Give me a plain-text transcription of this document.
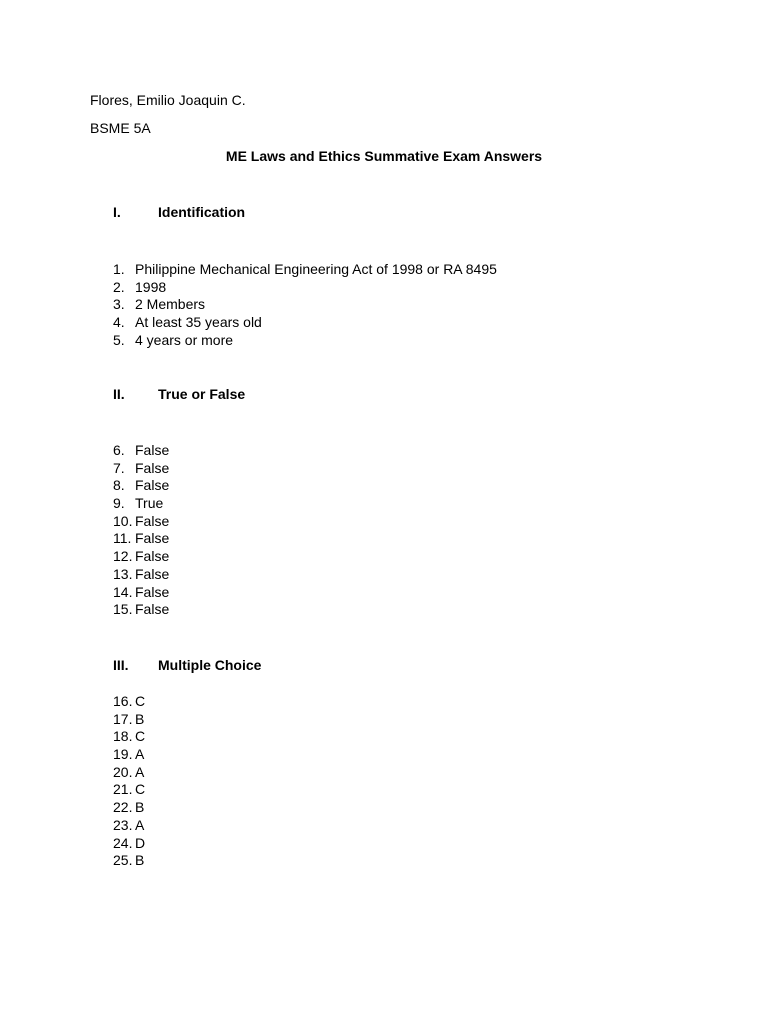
Flores, Emilio Joaquin C.
BSME 5A
ME Laws and Ethics Summative Exam Answers
I.	Identification
1. Philippine Mechanical Engineering Act of 1998 or RA 8495
2. 1998
3. 2 Members
4. At least 35 years old
5. 4 years or more
II. True or False
6. False
7. False
8. False
9. True
10. False
11. False
12. False
13. False
14. False
15. False
III. Multiple Choice
16. C
17. B
18. C
19. A
20. A
21. C
22. B
23. A
24. D
25. B
